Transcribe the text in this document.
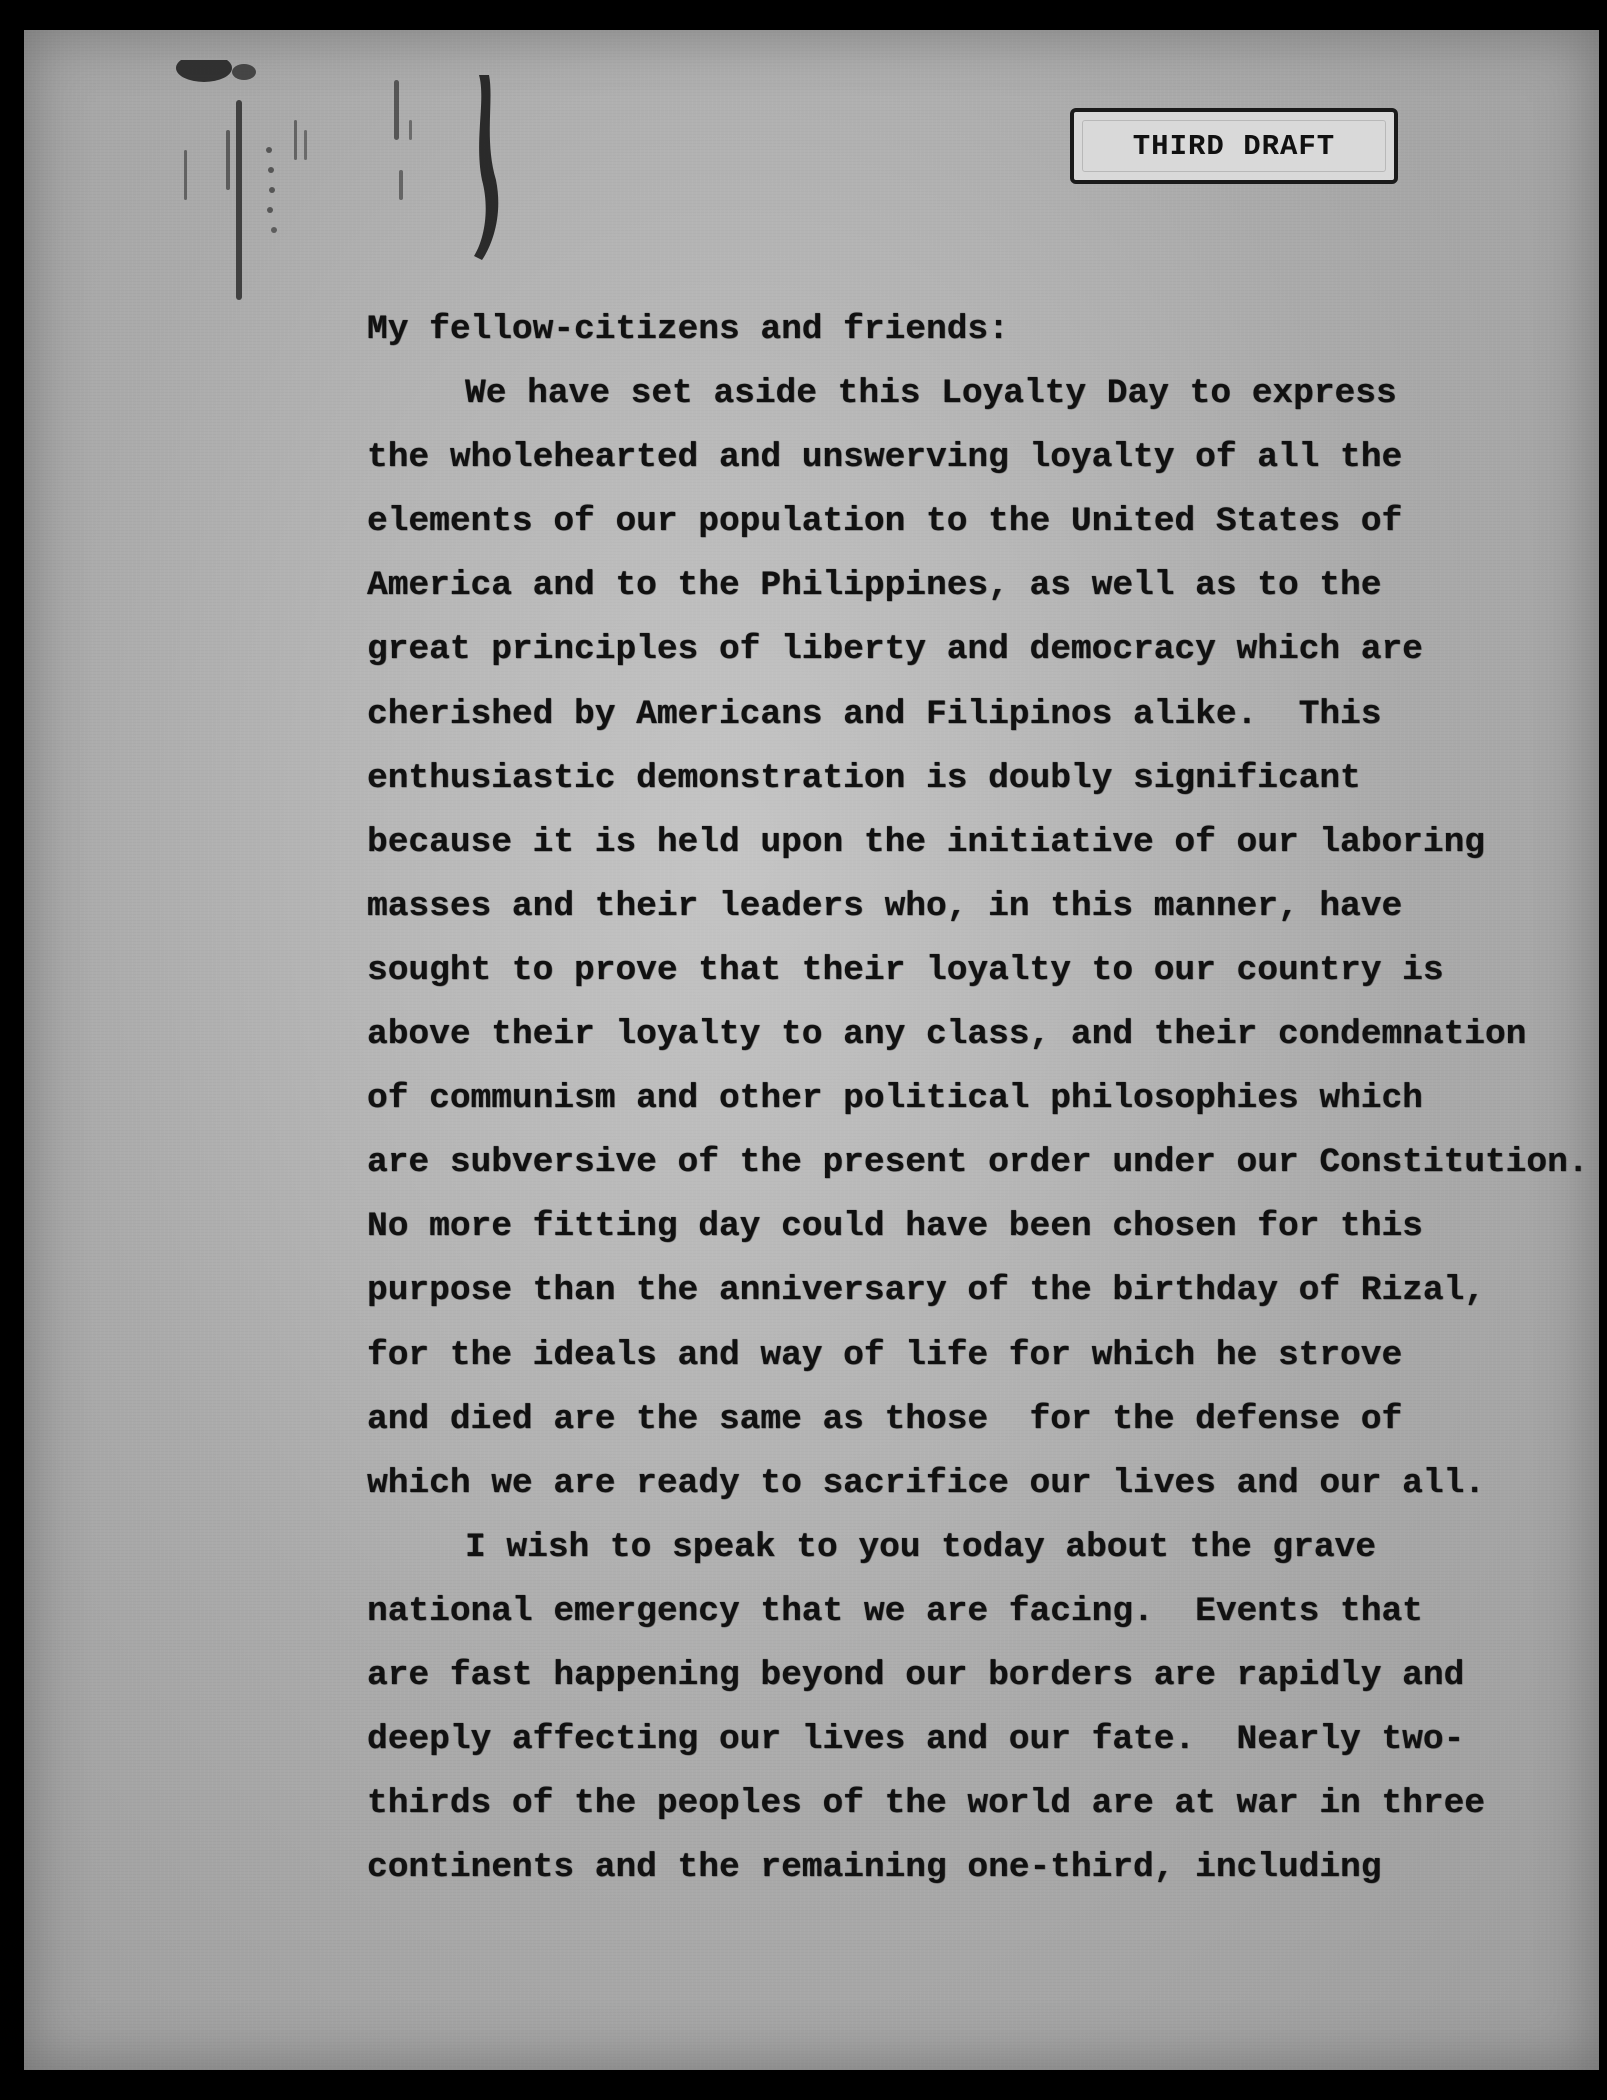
THIRD DRAFT
My fellow-citizens and friends:
We have set aside this Loyalty Day to express
the wholehearted and unswerving loyalty of all the
elements of our population to the United States of
America and to the Philippines, as well as to the
great principles of liberty and democracy which are
cherished by Americans and Filipinos alike.  This
enthusiastic demonstration is doubly significant
because it is held upon the initiative of our laboring
masses and their leaders who, in this manner, have
sought to prove that their loyalty to our country is
above their loyalty to any class, and their condemnation
of communism and other political philosophies which
are subversive of the present order under our Constitution.
No more fitting day could have been chosen for this
purpose than the anniversary of the birthday of Rizal,
for the ideals and way of life for which he strove
and died are the same as those  for the defense of
which we are ready to sacrifice our lives and our all.
I wish to speak to you today about the grave
national emergency that we are facing.  Events that
are fast happening beyond our borders are rapidly and
deeply affecting our lives and our fate.  Nearly two-
thirds of the peoples of the world are at war in three
continents and the remaining one-third, including
